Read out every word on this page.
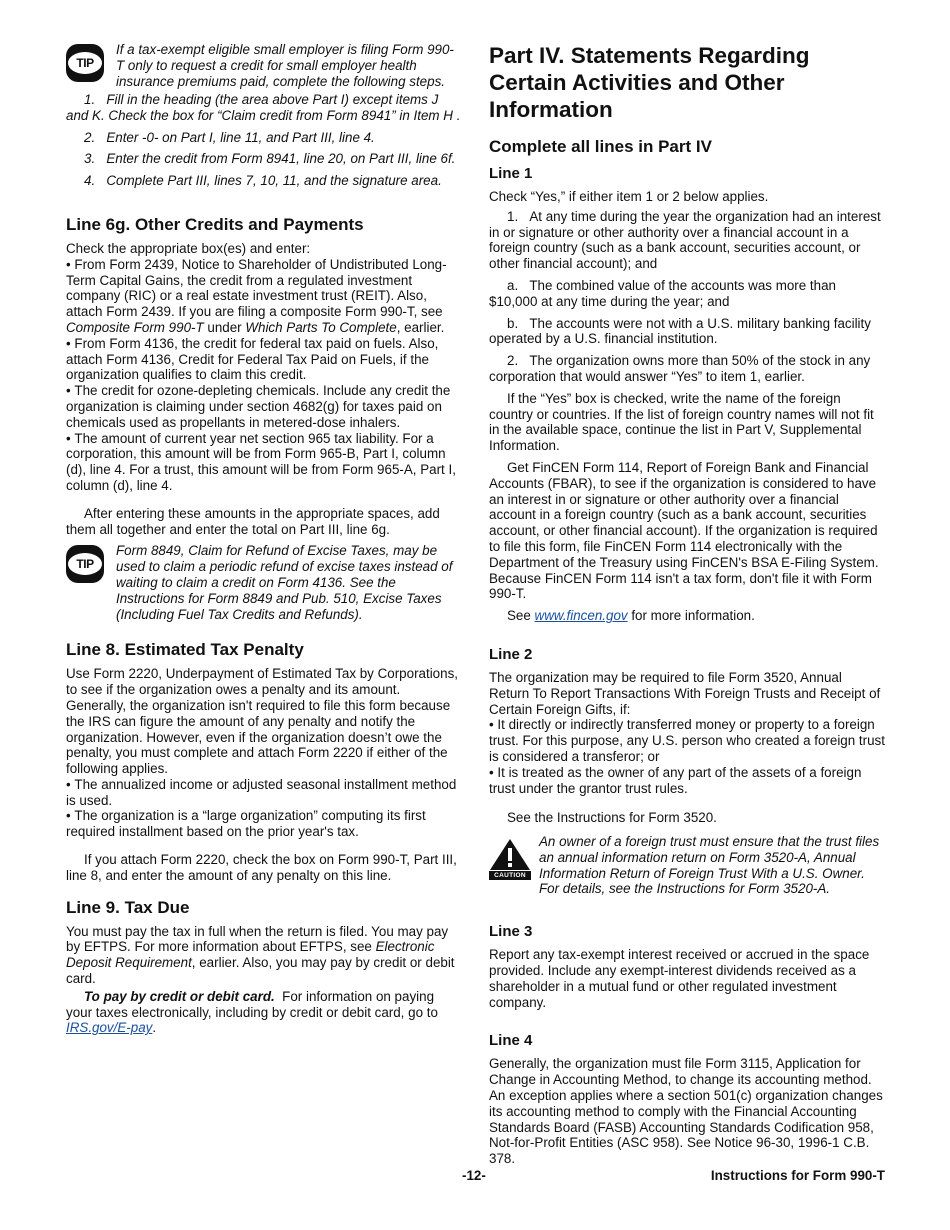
TIP
If a tax-exempt eligible small employer is filing Form 990-T only to request a credit for small employer health insurance premiums paid, complete the following steps.

1.   Fill in the heading (the area above Part I) except items J and K. Check the box for “Claim credit from Form 8941” in Item H .

2.   Enter -0- on Part I, line 11, and Part III, line 4.

3.   Enter the credit from Form 8941, line 20, on Part III, line 6f.

4.   Complete Part III, lines 7, 10, 11, and the signature area.

Line 6g. Other Credits and Payments

Check the appropriate box(es) and enter:

• From Form 2439, Notice to Shareholder of Undistributed Long-Term Capital Gains, the credit from a regulated investment company (RIC) or a real estate investment trust (REIT). Also, attach Form 2439. If you are filing a composite Form 990-T, see Composite Form 990-T under Which Parts To Complete, earlier.

• From Form 4136, the credit for federal tax paid on fuels. Also, attach Form 4136, Credit for Federal Tax Paid on Fuels, if the organization qualifies to claim this credit.

• The credit for ozone-depleting chemicals. Include any credit the organization is claiming under section 4682(g) for taxes paid on chemicals used as propellants in metered-dose inhalers.

• The amount of current year net section 965 tax liability. For a corporation, this amount will be from Form 965-B, Part I, column (d), line 4. For a trust, this amount will be from Form 965-A, Part I, column (d), line 4.

After entering these amounts in the appropriate spaces, add them all together and enter the total on Part III, line 6g.

TIP
Form 8849, Claim for Refund of Excise Taxes, may be used to claim a periodic refund of excise taxes instead of waiting to claim a credit on Form 4136. See the Instructions for Form 8849 and Pub. 510, Excise Taxes (Including Fuel Tax Credits and Refunds).
Line 8. Estimated Tax Penalty

Use Form 2220, Underpayment of Estimated Tax by Corporations, to see if the organization owes a penalty and its amount. Generally, the organization isn't required to file this form because the IRS can figure the amount of any penalty and notify the organization. However, even if the organization doesn’t owe the penalty, you must complete and attach Form 2220 if either of the following applies.

• The annualized income or adjusted seasonal installment method is used.

• The organization is a “large organization” computing its first required installment based on the prior year's tax.

If you attach Form 2220, check the box on Form 990-T, Part III, line 8, and enter the amount of any penalty on this line.

Line 9. Tax Due

You must pay the tax in full when the return is filed. You may pay by EFTPS. For more information about EFTPS, see Electronic Deposit Requirement, earlier. Also, you may pay by credit or debit card.

To pay by credit or debit card.  For information on paying your taxes electronically, including by credit or debit card, go to IRS.gov/E-pay.

Part IV. Statements Regarding Certain Activities and Other Information
Complete all lines in Part IV
Line 1

Check “Yes,” if either item 1 or 2 below applies.

1.   At any time during the year the organization had an interest in or signature or other authority over a financial account in a foreign country (such as a bank account, securities account, or other financial account); and

a.   The combined value of the accounts was more than $10,000 at any time during the year; and

b.   The accounts were not with a U.S. military banking facility operated by a U.S. financial institution.

2.   The organization owns more than 50% of the stock in any corporation that would answer “Yes” to item 1, earlier.

If the “Yes” box is checked, write the name of the foreign country or countries. If the list of foreign country names will not fit in the available space, continue the list in Part V, Supplemental Information.

Get FinCEN Form 114, Report of Foreign Bank and Financial Accounts (FBAR), to see if the organization is considered to have an interest in or signature or other authority over a financial account in a foreign country (such as a bank account, securities account, or other financial account). If the organization is required to file this form, file FinCEN Form 114 electronically with the Department of the Treasury using FinCEN's BSA E-Filing System. Because FinCEN Form 114 isn't a tax form, don't file it with Form 990-T.

See www.fincen.gov for more information.

Line 2

The organization may be required to file Form 3520, Annual Return To Report Transactions With Foreign Trusts and Receipt of Certain Foreign Gifts, if:

• It directly or indirectly transferred money or property to a foreign trust. For this purpose, any U.S. person who created a foreign trust is considered a transferor; or

• It is treated as the owner of any part of the assets of a foreign trust under the grantor trust rules.

See the Instructions for Form 3520.

CAUTION
An owner of a foreign trust must ensure that the trust files an annual information return on Form 3520-A, Annual Information Return of Foreign Trust With a U.S. Owner. For details, see the Instructions for Form 3520-A.
Line 3

Report any tax-exempt interest received or accrued in the space provided. Include any exempt-interest dividends received as a shareholder in a mutual fund or other regulated investment company.

Line 4

Generally, the organization must file Form 3115, Application for Change in Accounting Method, to change its accounting method. An exception applies where a section 501(c) organization changes its accounting method to comply with the Financial Accounting Standards Board (FASB) Accounting Standards Codification 958, Not-for-Profit Entities (ASC 958). See Notice 96-30, 1996-1 C.B. 378.

-12-	Instructions for Form 990-T
